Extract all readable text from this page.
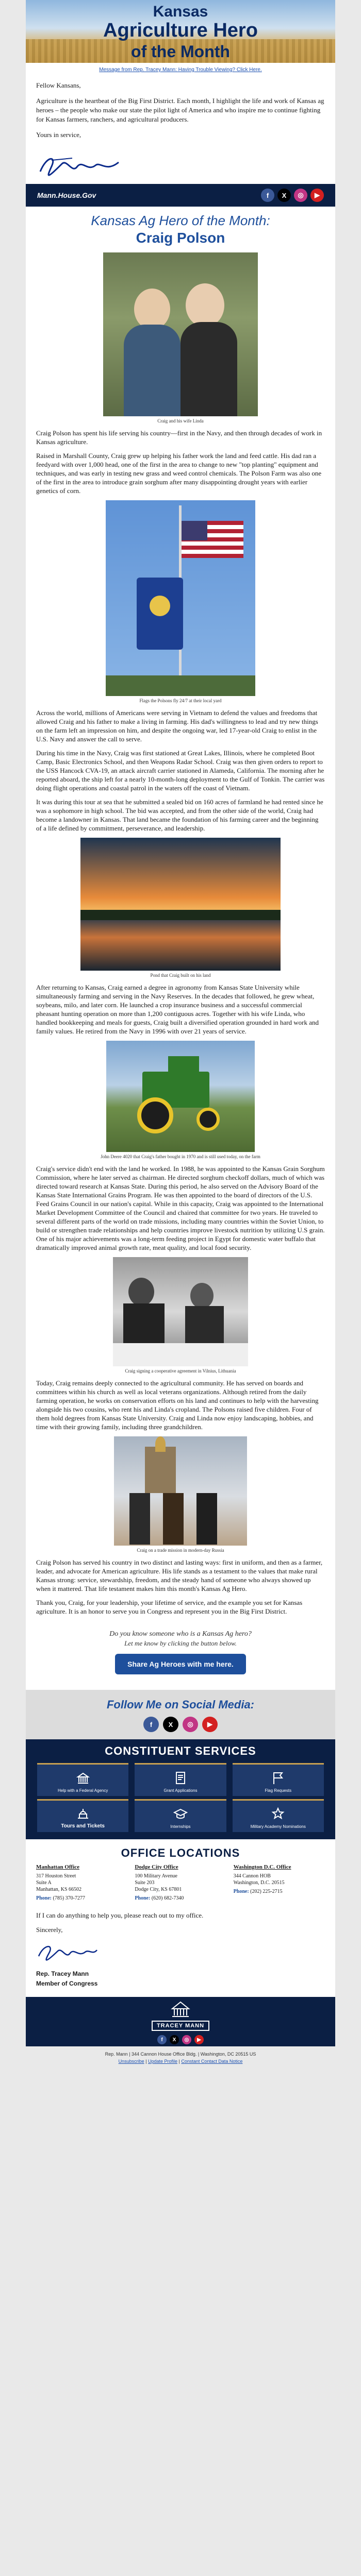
Kansas
Agriculture Hero
of the Month
Message from Rep. Tracey Mann: Having Trouble Viewing? Click Here.

Fellow Kansans,

Agriculture is the heartbeat of the Big First District. Each month, I highlight the life and work of Kansas ag heroes – the people who make our state the pilot light of America and who inspire me to continue fighting for Kansas farmers, ranchers, and agricultural producers.

Yours in service,

Mann.House.Gov	f	X	◎	▶
Kansas Ag Hero of the Month:
Craig Polson
Craig and his wife Linda

Craig Polson has spent his life serving his country—first in the Navy, and then through decades of work in Kansas agriculture.

Raised in Marshall County, Craig grew up helping his father work the land and feed cattle. His dad ran a feedyard with over 1,000 head, one of the first in the area to change to new "top planting" equipment and techniques, and was early in testing new grass and weed control chemicals. The Polson Farm was also one of the first in the area to introduce grain sorghum after many disappointing drought years with earlier genetics of corn.

Flags the Polsons fly 24/7 at their local yard

Across the world, millions of Americans were serving in Vietnam to defend the values and freedoms that allowed Craig and his father to make a living in farming. His dad's willingness to lead and try new things on the farm left an impression on him, and despite the ongoing war, led 17-year-old Craig to enlist in the U.S. Navy and answer the call to serve.

During his time in the Navy, Craig was first stationed at Great Lakes, Illinois, where he completed Boot Camp, Basic Electronics School, and then Weapons Radar School. Craig was then given orders to report to the USS Hancock CVA-19, an attack aircraft carrier stationed in Alameda, California. The morning after he reported aboard, the ship left for a nearly 10-month-long deployment to the Gulf of Tonkin. The carrier was doing flight operations and coastal patrol in the waters off the coast of Vietnam.

It was during this tour at sea that he submitted a sealed bid on 160 acres of farmland he had rented since he was a sophomore in high school. The bid was accepted, and from the other side of the world, Craig had become a landowner in Kansas. That land became the foundation of his farming career and the beginning of a life defined by commitment, perseverance, and leadership.

Pond that Craig built on his land

After returning to Kansas, Craig earned a degree in agronomy from Kansas State University while simultaneously farming and serving in the Navy Reserves. In the decades that followed, he grew wheat, soybeans, milo, and later corn. He launched a crop insurance business and a successful commercial pheasant hunting operation on more than 1,200 contiguous acres. Together with his wife Linda, who handled bookkeeping and meals for guests, Craig built a diversified operation grounded in hard work and family values. He retired from the Navy in 1996 with over 21 years of service.

John Deere 4020 that Craig's father bought in 1970 and is still used today, on the farm

Craig's service didn't end with the land he worked. In 1988, he was appointed to the Kansas Grain Sorghum Commission, where he later served as chairman. He directed sorghum checkoff dollars, much of which was directed toward research at Kansas State. During this period, he also served on the Advisory Board of the Kansas State International Grains Program. He was then appointed to the board of directors of the U.S. Feed Grains Council in our nation's capital. While in this capacity, Craig was appointed to the International Market Development Committee of the Council and chaired that committee for two years. He traveled to several different parts of the world on trade missions, including many countries within the Soviet Union, to build or strengthen trade relationships and help countries improve livestock nutrition by utilizing U.S grain. One of his major achievements was a long-term feeding project in Egypt for domestic water buffalo that dramatically improved animal growth rate, meat quality, and local food security.

Craig signing a cooperative agreement in Vilnius, Lithuania

Today, Craig remains deeply connected to the agricultural community. He has served on boards and committees within his church as well as local veterans organizations. Although retired from the daily farming operation, he works on conservation efforts on his land and continues to help with the harvesting alongside his two cousins, who rent his and Linda's cropland. The Polsons raised five children. Four of them hold degrees from Kansas State University. Craig and Linda now enjoy landscaping, hobbies, and time with their growing family, including three grandchildren.

Craig on a trade mission in modern-day Russia

Craig Polson has served his country in two distinct and lasting ways: first in uniform, and then as a farmer, leader, and advocate for American agriculture. His life stands as a testament to the values that make rural Kansas strong: service, stewardship, freedom, and the steady hand of someone who always showed up when it mattered. That life testament makes him this month's Kansas Ag Hero.

Thank you, Craig, for your leadership, your lifetime of service, and the example you set for Kansas agriculture. It is an honor to serve you in Congress and represent you in the Big First District.

Do you know someone who is a Kansas Ag hero?
Let me know by clicking the button below.
Share Ag Heroes with me here.
Follow Me on Social Media:
f	X	◎	▶
CONSTITUENT SERVICES
Help with a Federal Agency	Grant Applications	Flag Requests
Tours and Tickets	Internships	Military Academy Nominations
OFFICE LOCATIONS
Manhattan Office
317 Houston Street
Suite A
Manhattan, KS 66502
Phone: (785) 370-7277
Dodge City Office
100 Military Avenue
Suite 203
Dodge City, KS 67801
Phone: (620) 682-7340
Washington D.C. Office
344 Cannon HOB
Washington, D.C. 20515
Phone: (202) 225-2715

If I can do anything to help you, please reach out to my office.

Sincerely,

Rep. Tracey Mann
Member of Congress
TRACEY MANN
f	X	◎	▶
Rep. Mann | 344 Cannon House Office Bldg. | Washington, DC 20515 US
Unsubscribe | Update Profile | Constant Contact Data Notice
